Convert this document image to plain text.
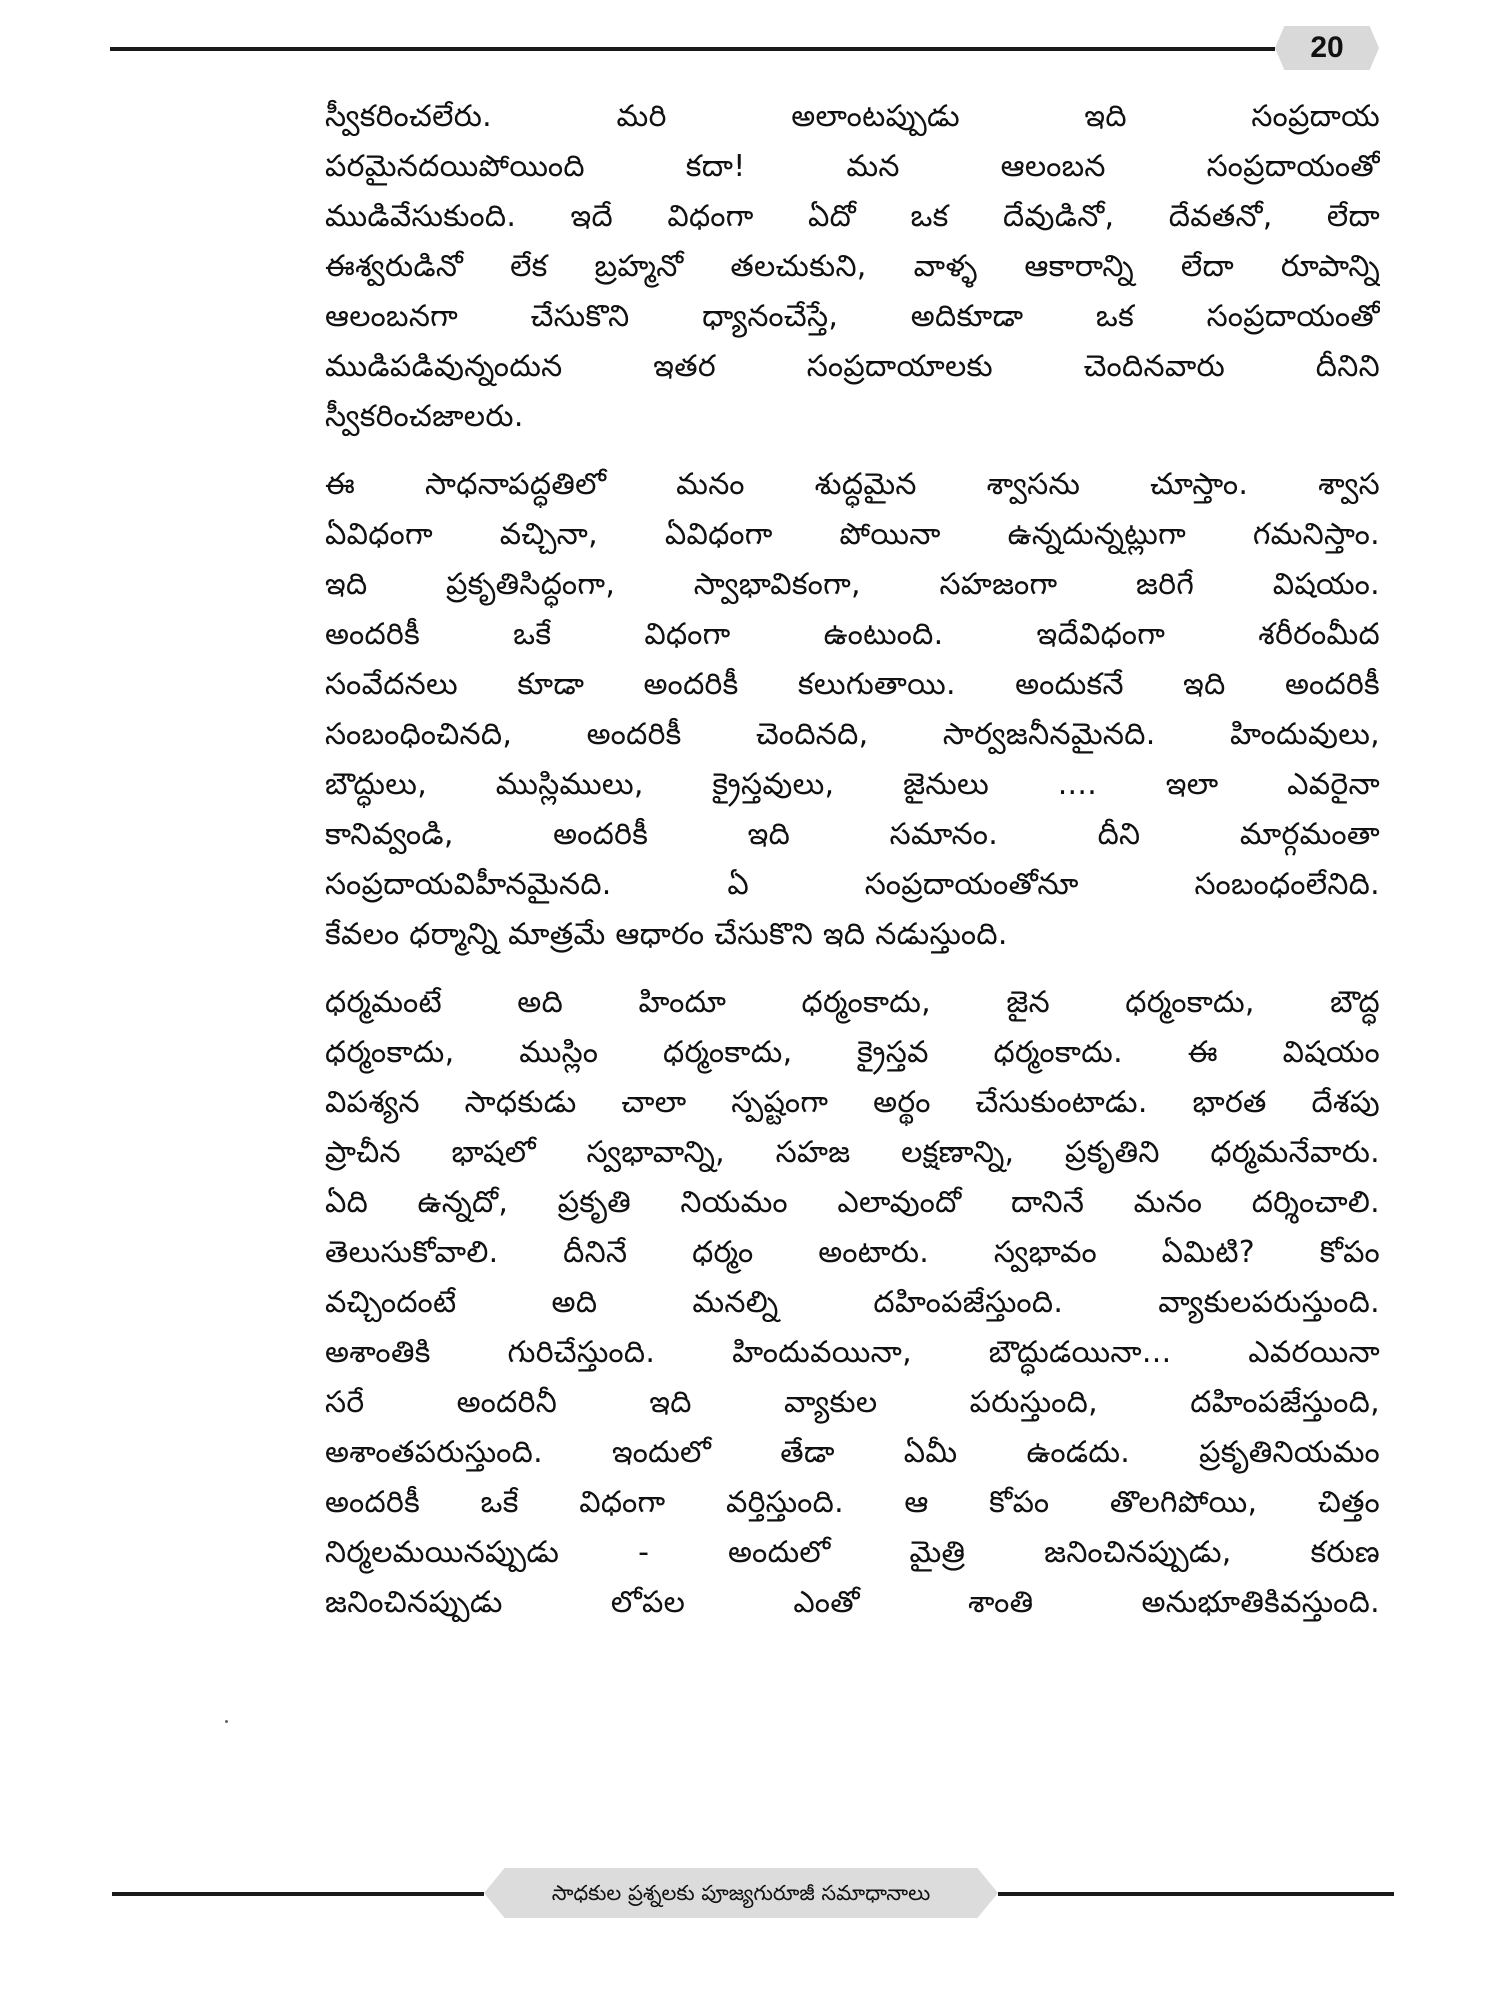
20
స్వీకరించలేరు. మరి అలాంటప్పుడు ఇది సంప్రదాయ
పరమైనదయిపోయింది కదా! మన ఆలంబన సంప్రదాయంతో
ముడివేసుకుంది. ఇదే విధంగా ఏదో ఒక దేవుడినో, దేవతనో, లేదా
ఈశ్వరుడినో లేక బ్రహ్మనో తలచుకుని, వాళ్ళ ఆకారాన్ని లేదా రూపాన్ని
ఆలంబనగా చేసుకొని ధ్యానంచేస్తే, అదికూడా ఒక సంప్రదాయంతో
ముడిపడివున్నందున ఇతర సంప్రదాయాలకు చెందినవారు దీనిని
స్వీకరించజాలరు.
ఈ సాధనాపద్ధతిలో మనం శుద్ధమైన శ్వాసను చూస్తాం. శ్వాస
ఏవిధంగా వచ్చినా, ఏవిధంగా పోయినా ఉన్నదున్నట్లుగా గమనిస్తాం.
ఇది ప్రకృతిసిద్ధంగా, స్వాభావికంగా, సహజంగా జరిగే విషయం.
అందరికీ ఒకే విధంగా ఉంటుంది. ఇదేవిధంగా శరీరంమీద
సంవేదనలు కూడా అందరికీ కలుగుతాయి. అందుకనే ఇది అందరికీ
సంబంధించినది, అందరికీ చెందినది, సార్వజనీనమైనది. హిందువులు,
బౌద్ధులు, ముస్లిములు, క్రైస్తవులు, జైనులు .... ఇలా ఎవరైనా
కానివ్వండి, అందరికీ ఇది సమానం. దీని మార్గమంతా
సంప్రదాయవిహీనమైనది. ఏ సంప్రదాయంతోనూ సంబంధంలేనిది.
కేవలం ధర్మాన్ని మాత్రమే ఆధారం చేసుకొని ఇది నడుస్తుంది.
ధర్మమంటే అది హిందూ ధర్మంకాదు, జైన ధర్మంకాదు, బౌద్ధ
ధర్మంకాదు, ముస్లిం ధర్మంకాదు, క్రైస్తవ ధర్మంకాదు. ఈ విషయం
విపశ్యన సాధకుడు చాలా స్పష్టంగా అర్థం చేసుకుంటాడు. భారత దేశపు
ప్రాచీన భాషలో స్వభావాన్ని, సహజ లక్షణాన్ని, ప్రకృతిని ధర్మమనేవారు.
ఏది ఉన్నదో, ప్రకృతి నియమం ఎలావుందో దానినే మనం దర్శించాలి.
తెలుసుకోవాలి. దీనినే ధర్మం అంటారు. స్వభావం ఏమిటి? కోపం
వచ్చిందంటే అది మనల్ని దహింపజేస్తుంది. వ్యాకులపరుస్తుంది.
అశాంతికి గురిచేస్తుంది. హిందువయినా, బౌద్ధుడయినా... ఎవరయినా
సరే అందరినీ ఇది వ్యాకుల పరుస్తుంది, దహింపజేస్తుంది,
అశాంతపరుస్తుంది. ఇందులో తేడా ఏమీ ఉండదు. ప్రకృతినియమం
అందరికీ ఒకే విధంగా వర్తిస్తుంది. ఆ కోపం తొలగిపోయి, చిత్తం
నిర్మలమయినప్పుడు - అందులో మైత్రి జనించినప్పుడు, కరుణ
జనించినప్పుడు లోపల ఎంతో శాంతి అనుభూతికివస్తుంది.
సాధకుల ప్రశ్నలకు పూజ్యగురూజీ సమాధానాలు
